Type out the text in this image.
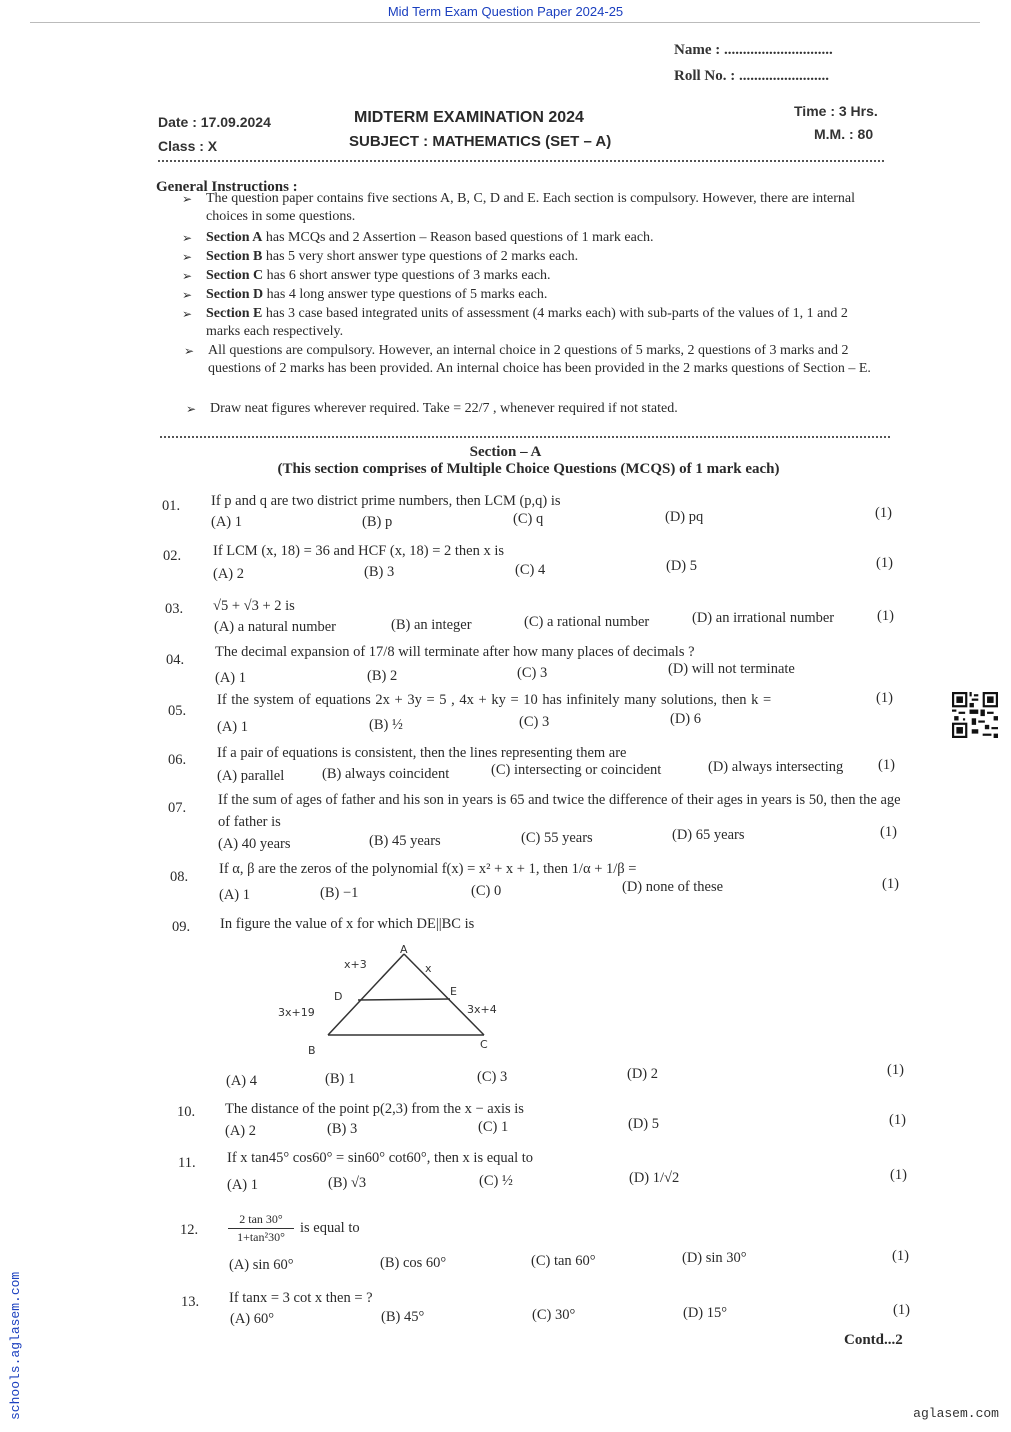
Mid Term Exam Question Paper 2024-25
Name : .............................
Roll No. : ........................
Date : 17.09.2024
Class : X
MIDTERM EXAMINATION 2024
SUBJECT : MATHEMATICS (SET – A)
Time : 3 Hrs.
M.M. : 80
General Instructions :
➢ The question paper contains five sections A, B, C, D and E. Each section is compulsory. However, there are internal choices in some questions.
➢ Section A has MCQs and 2 Assertion – Reason based questions of 1 mark each.
➢ Section B has 5 very short answer type questions of 2 marks each.
➢ Section C has 6 short answer type questions of 3 marks each.
➢ Section D has 4 long answer type questions of 5 marks each.
➢ Section E has 3 case based integrated units of assessment (4 marks each) with sub-parts of the values of 1, 1 and 2 marks each respectively.
➢ All questions are compulsory. However, an internal choice in 2 questions of 5 marks, 2 questions of 3 marks and 2 questions of 2 marks has been provided. An internal choice has been provided in the 2 marks questions of Section – E.
➢ Draw neat figures wherever required. Take = 22/7 , whenever required if not stated.
Section – A
(This section comprises of Multiple Choice Questions (MCQS) of 1 mark each)
01. If p and q are two district prime numbers, then LCM (p,q) is
(A) 1	(B) p	(C) q	(D) pq	(1)
02. If LCM (x, 18) = 36 and HCF (x, 18) = 2 then x is
(A) 2	(B) 3	(C) 4	(D) 5	(1)
03. √5 + √3 + 2 is
(A) a natural number	(B) an integer	(C) a rational number	(D) an irrational number	(1)
04. The decimal expansion of 17/8 will terminate after how many places of decimals ?
(A) 1	(B) 2	(C) 3	(D) will not terminate
05.
If the system of equations 2x + 3y = 5 , 4x + ky = 10 has infinitely many solutions, then k =
(A) 1	(B) ½	(C) 3	(D) 6
(1)
06. If a pair of equations is consistent, then the lines representing them are
(A) parallel	(B) always coincident	(C) intersecting or coincident	(D) always intersecting (1)
07. If the sum of ages of father and his son in years is 65 and twice the difference of their ages in years is 50, then the age of father is
(A) 40 years	(B) 45 years	(C) 55 years	(D) 65 years	(1)
08. If α, β are the zeros of the polynomial f(x) = x² + x + 1, then 1/α + 1/β =
(A) 1	(B) −1	(C) 0	(D) none of these	(1)
09. In figure the value of x for which DE||BC is
A
B	C
D	E
x+3	x
3x+19	3x+4
(A) 4	(B) 1	(C) 3	(D) 2	(1)
10. The distance of the point p(2,3) from the x − axis is
(A) 2	(B) 3	(C) 1	(D) 5	(1)
11. If x tan45° cos60° = sin60° cot60°, then x is equal to
(A) 1	(B) √3	(C) ½	(D) 1/√2	(1)
12. $\frac{2 \tan 30^\circ}{\text{1+tan²30°}}$ is equal to
(A) sin 60°	(B) cos 60°	(C) tan 60°	(D) sin 30°	(1)
13. If tanx = 3 cot x then = ?
(A) 60°	(B) 45°	(C) 30°	(D) 15°	(1)
Contd...2
schools.aglasem.com	aglasem.com
